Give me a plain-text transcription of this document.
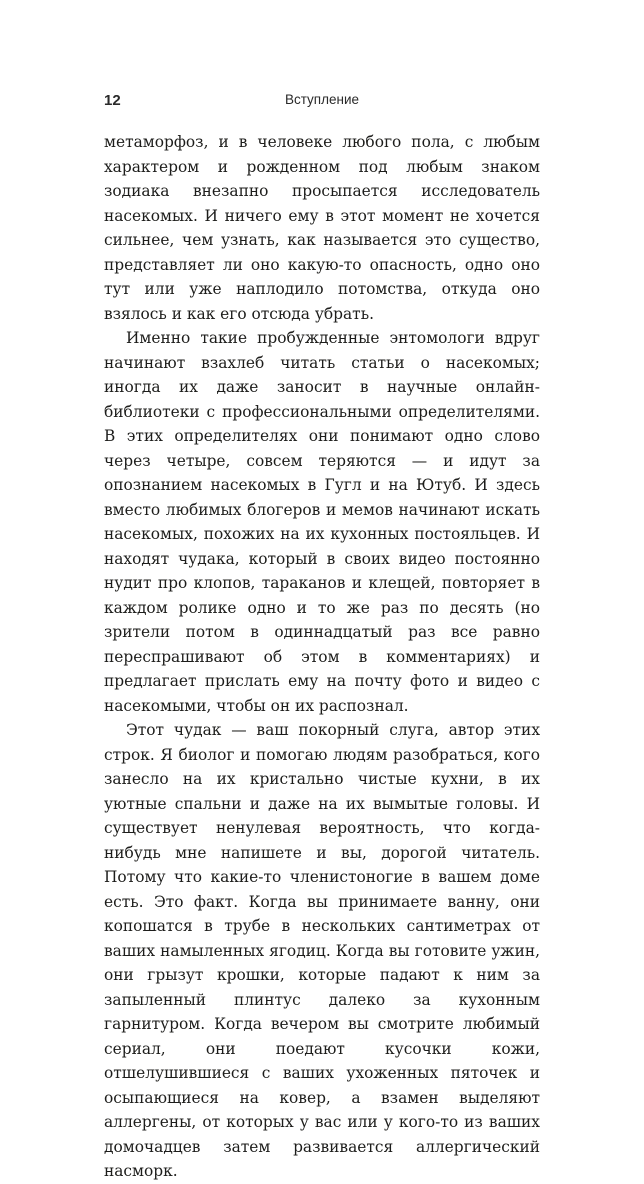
12	Вступление

метаморфоз, и в человеке любого пола, с любым характером и рожденном под любым знаком зодиака внезапно просыпается исследователь насекомых. И ничего ему в этот момент не хочется сильнее, чем узнать, как называется это существо, представляет ли оно какую-то опасность, одно оно тут или уже наплодило потомства, откуда оно взялось и как его отсюда убрать.

Именно такие пробужденные энтомологи вдруг начинают взахлеб читать статьи о насекомых; иногда их даже заносит в научные онлайн-библиотеки с профессиональными определителями. В этих определителях они понимают одно слово через четыре, совсем теряются — и идут за опознанием насекомых в Гугл и на Ютуб. И здесь вместо любимых блогеров и мемов начинают искать насекомых, похожих на их кухонных постояльцев. И находят чудака, который в своих видео постоянно нудит про клопов, тараканов и клещей, повторяет в каждом ролике одно и то же раз по десять (но зрители потом в одиннадцатый раз все равно переспрашивают об этом в комментариях) и предлагает прислать ему на почту фото и видео с насекомыми, чтобы он их распознал.

Этот чудак — ваш покорный слуга, автор этих строк. Я биолог и помогаю людям разобраться, кого занесло на их кристально чистые кухни, в их уютные спальни и даже на их вымытые головы. И существует ненулевая вероятность, что когда-нибудь мне напишете и вы, дорогой читатель. Потому что какие-то членистоногие в вашем доме есть. Это факт. Когда вы принимаете ванну, они копошатся в трубе в нескольких сантиметрах от ваших намыленных ягодиц. Когда вы готовите ужин, они грызут крошки, которые падают к ним за запыленный плинтус далеко за кухонным гарнитуром. Когда вечером вы смотрите любимый сериал, они поедают кусочки кожи, отшелушившиеся с ваших ухоженных пяточек и осыпающиеся на ковер, а взамен выделяют аллергены, от которых у вас или у кого-то из ваших домочадцев затем развивается аллергический насморк.
